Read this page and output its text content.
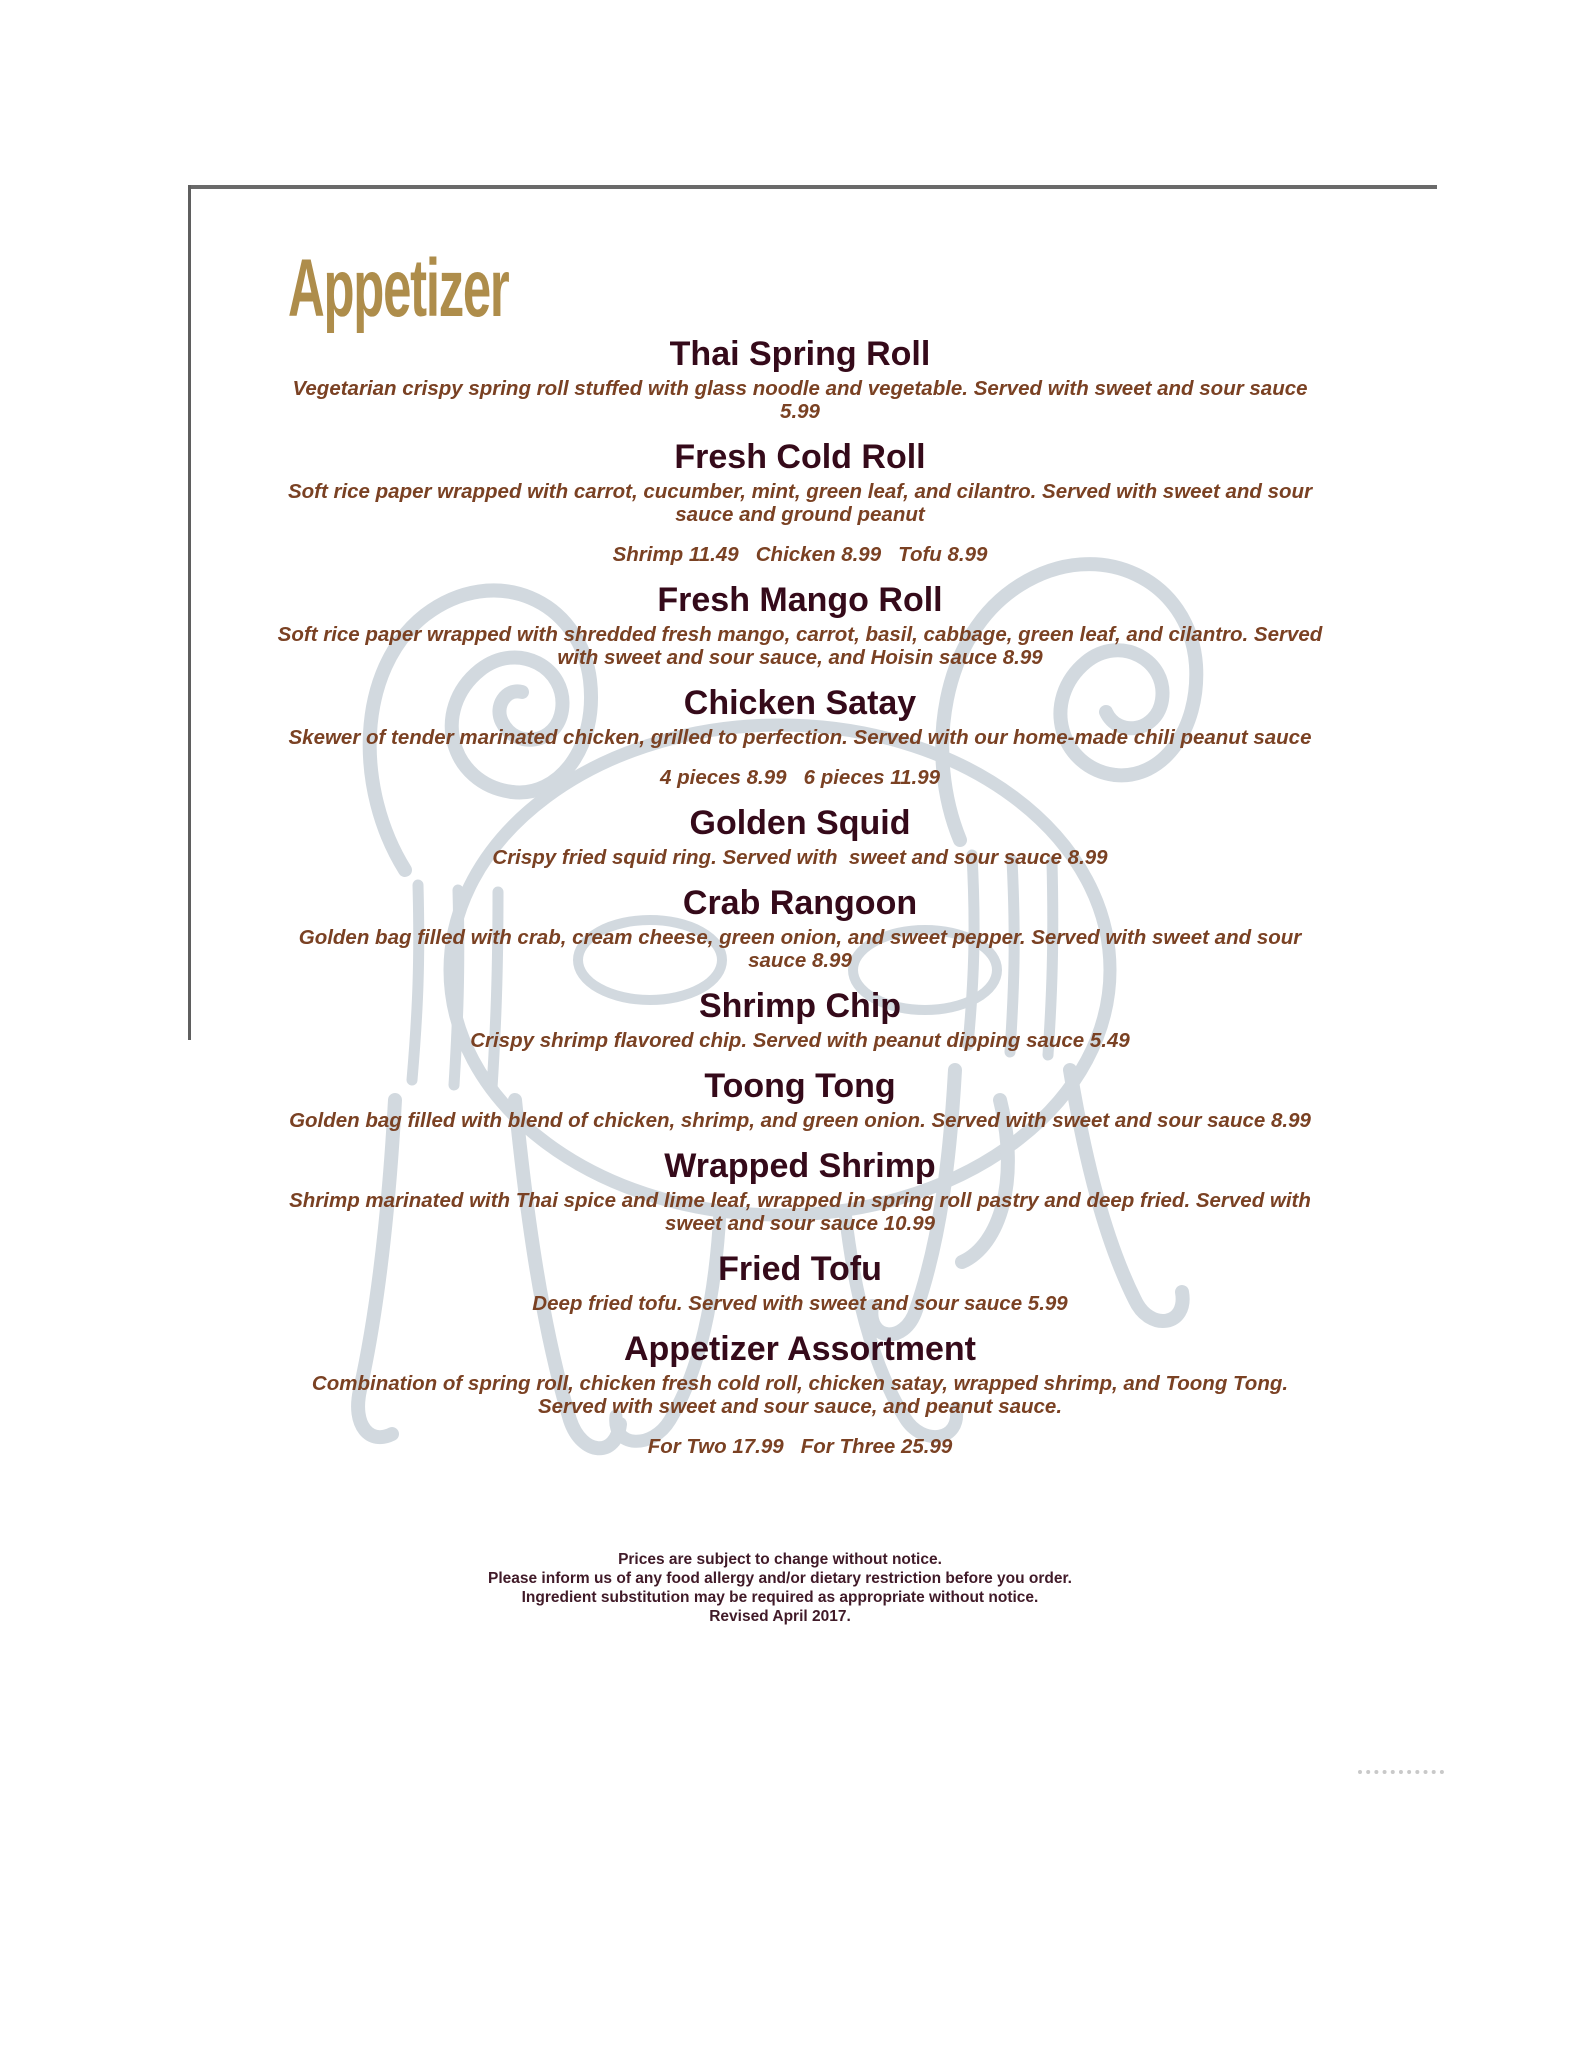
Appetizer
Thai Spring Roll

Vegetarian crispy spring roll stuffed with glass noodle and vegetable. Served with sweet and sour sauce 5.99

Fresh Cold Roll

Soft rice paper wrapped with carrot, cucumber, mint, green leaf, and cilantro. Served with sweet and sour sauce and ground peanut

Shrimp 11.49   Chicken 8.99   Tofu 8.99

Fresh Mango Roll

Soft rice paper wrapped with shredded fresh mango, carrot, basil, cabbage, green leaf, and cilantro. Served with sweet and sour sauce, and Hoisin sauce 8.99

Chicken Satay

Skewer of tender marinated chicken, grilled to perfection. Served with our home-made chili peanut sauce

4 pieces 8.99   6 pieces 11.99

Golden Squid

Crispy fried squid ring. Served with  sweet and sour sauce 8.99

Crab Rangoon

Golden bag filled with crab, cream cheese, green onion, and sweet pepper. Served with sweet and sour sauce 8.99

Shrimp Chip

Crispy shrimp flavored chip. Served with peanut dipping sauce 5.49

Toong Tong

Golden bag filled with blend of chicken, shrimp, and green onion. Served with sweet and sour sauce 8.99

Wrapped Shrimp

Shrimp marinated with Thai spice and lime leaf, wrapped in spring roll pastry and deep fried. Served with sweet and sour sauce 10.99

Fried Tofu

Deep fried tofu. Served with sweet and sour sauce 5.99

Appetizer Assortment

Combination of spring roll, chicken fresh cold roll, chicken satay, wrapped shrimp, and Toong Tong. Served with sweet and sour sauce, and peanut sauce.

For Two 17.99   For Three 25.99

Prices are subject to change without notice.
Please inform us of any food allergy and/or dietary restriction before you order.
Ingredient substitution may be required as appropriate without notice.
Revised April 2017.
